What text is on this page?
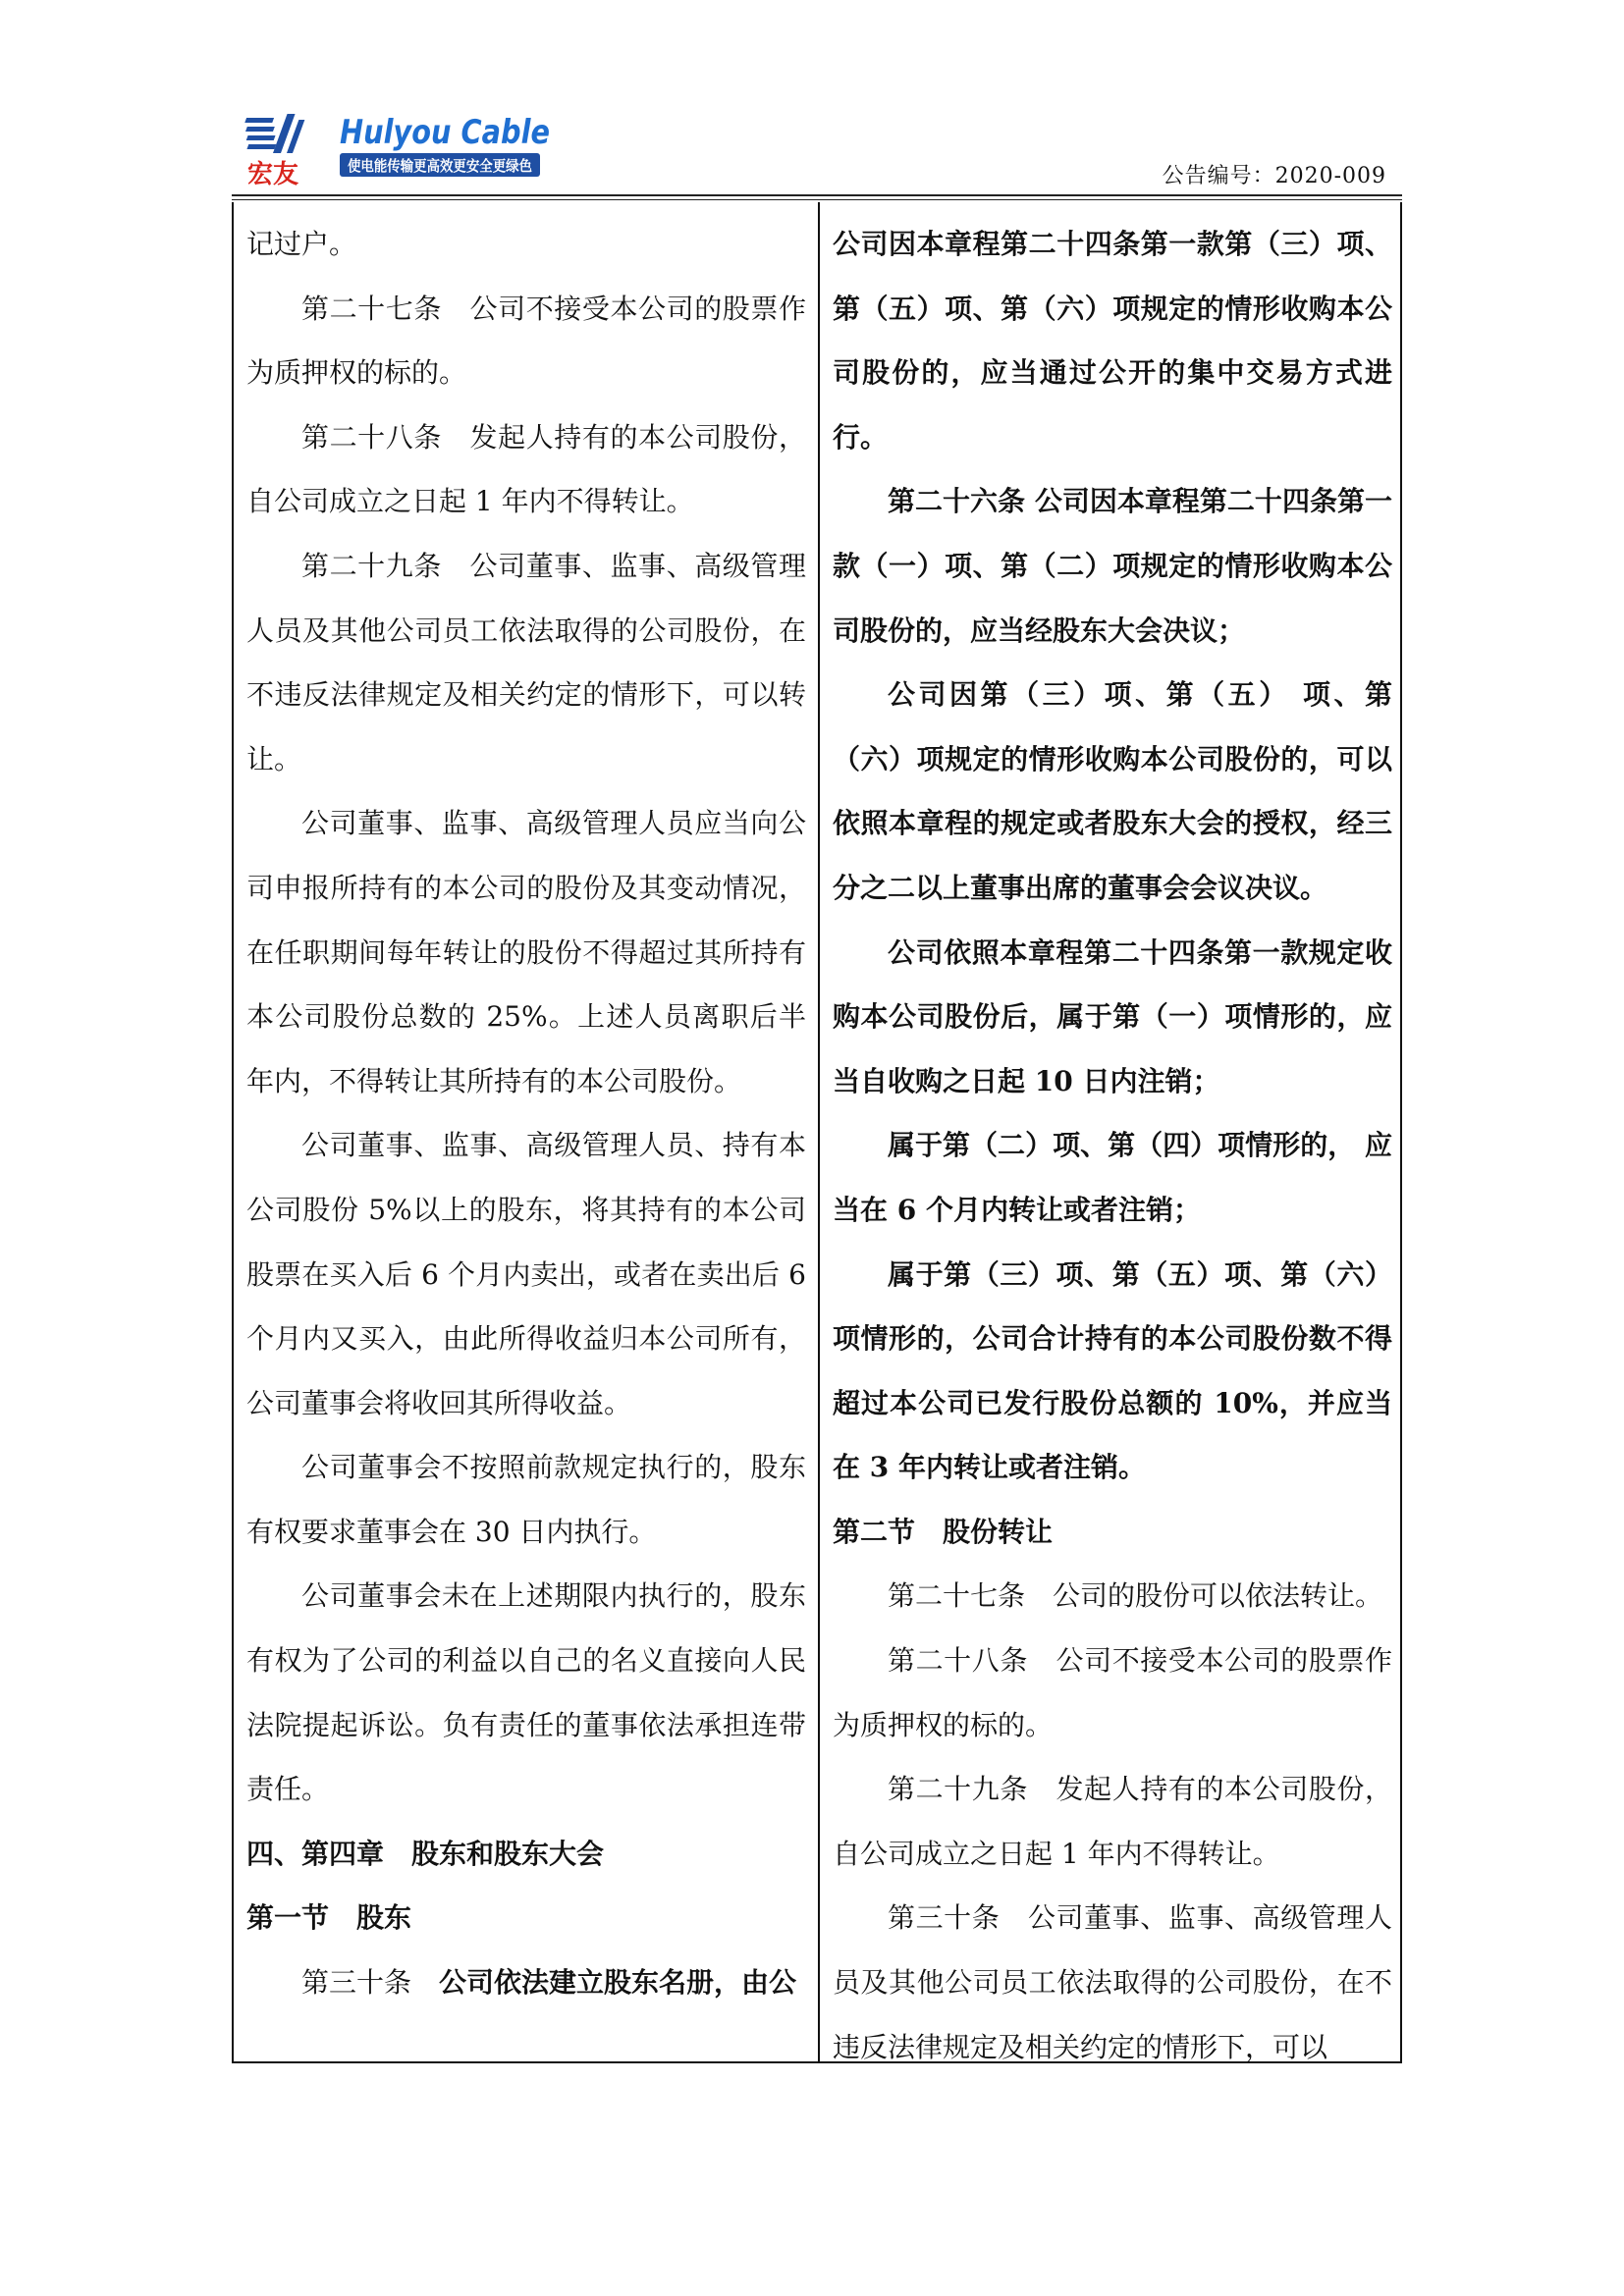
宏友
Hulyou Cable
使电能传输更高效更安全更绿色	公告编号：2020-009

记过户。

第二十七条　公司不接受本公司的股票作为质押权的标的。

第二十八条　发起人持有的本公司股份，自公司成立之日起 1 年内不得转让。

第二十九条　公司董事、监事、高级管理人员及其他公司员工依法取得的公司股份，在不违反法律规定及相关约定的情形下，可以转让。

公司董事、监事、高级管理人员应当向公司申报所持有的本公司的股份及其变动情况，在任职期间每年转让的股份不得超过其所持有本公司股份总数的 25%。上述人员离职后半年内，不得转让其所持有的本公司股份。

公司董事、监事、高级管理人员、持有本公司股份 5%以上的股东，将其持有的本公司股票在买入后 6 个月内卖出，或者在卖出后 6 个月内又买入，由此所得收益归本公司所有，公司董事会将收回其所得收益。

公司董事会不按照前款规定执行的，股东有权要求董事会在 30 日内执行。

公司董事会未在上述期限内执行的，股东有权为了公司的利益以自己的名义直接向人民法院提起诉讼。负有责任的董事依法承担连带责任。

四、第四章　股东和股东大会

第一节　股东

第三十条　公司依法建立股东名册，由公

公司因本章程第二十四条第一款第（三）项、第（五）项、第（六）项规定的情形收购本公司股份的，应当通过公开的集中交易方式进行。

第二十六条 公司因本章程第二十四条第一款（一）项、第（二）项规定的情形收购本公司股份的，应当经股东大会决议；

公司因第（三）项、第（五） 项、第（六）项规定的情形收购本公司股份的，可以依照本章程的规定或者股东大会的授权，经三分之二以上董事出席的董事会会议决议。

公司依照本章程第二十四条第一款规定收购本公司股份后，属于第（一）项情形的，应当自收购之日起 10 日内注销；

属于第（二）项、第（四）项情形的， 应当在 6 个月内转让或者注销；

属于第（三）项、第（五）项、第（六）项情形的，公司合计持有的本公司股份数不得超过本公司已发行股份总额的 10%，并应当在 3 年内转让或者注销。

第二节　股份转让

第二十七条　公司的股份可以依法转让。

第二十八条　公司不接受本公司的股票作为质押权的标的。

第二十九条　发起人持有的本公司股份，自公司成立之日起 1 年内不得转让。

第三十条　公司董事、监事、高级管理人员及其他公司员工依法取得的公司股份，在不违反法律规定及相关约定的情形下，可以
